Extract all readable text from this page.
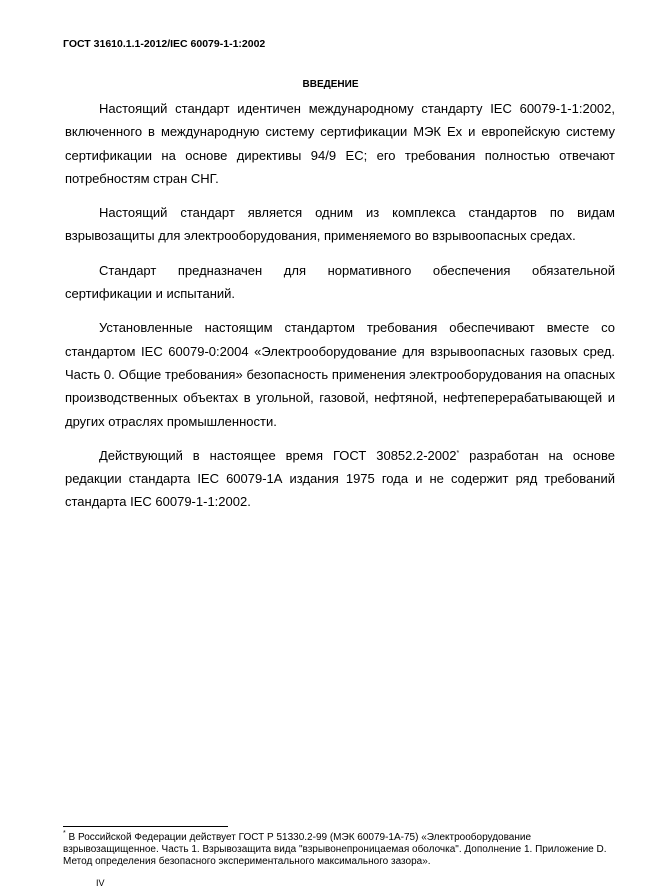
ГОСТ 31610.1.1-2012/IEC 60079-1-1:2002
ВВЕДЕНИЕ

Настоящий стандарт идентичен международному стандарту IEC 60079-1-1:2002, включенного в международную систему сертификации МЭК Ex и европейскую систему сертификации на основе директивы 94/9 ЕС; его требования полностью отвечают потребностям стран СНГ.

Настоящий стандарт является одним из комплекса стандартов по видам взрывозащиты для электрооборудования, применяемого во взрывоопасных средах.

Стандарт предназначен для нормативного обеспечения обязательной сертификации и испытаний.

Установленные настоящим стандартом требования обеспечивают вместе со стандартом IEC 60079-0:2004 «Электрооборудование для взрывоопасных газовых сред. Часть 0. Общие требования» безопасность применения электрооборудования на опасных производственных объектах в угольной, газовой, нефтяной, нефтеперерабатывающей и других отраслях промышленности.

Действующий в настоящее время ГОСТ 30852.2-2002* разработан на основе редакции стандарта IEC 60079-1А издания 1975 года и не содержит ряд требований стандарта IEC 60079-1-1:2002.

* В Российской Федерации действует ГОСТ Р 51330.2-99 (МЭК 60079-1А-75) «Электрооборудование взрывозащищенное. Часть 1. Взрывозащита вида "взрывонепроницаемая оболочка". Дополнение 1. Приложение D. Метод определения безопасного экспериментального максимального зазора».
IV
